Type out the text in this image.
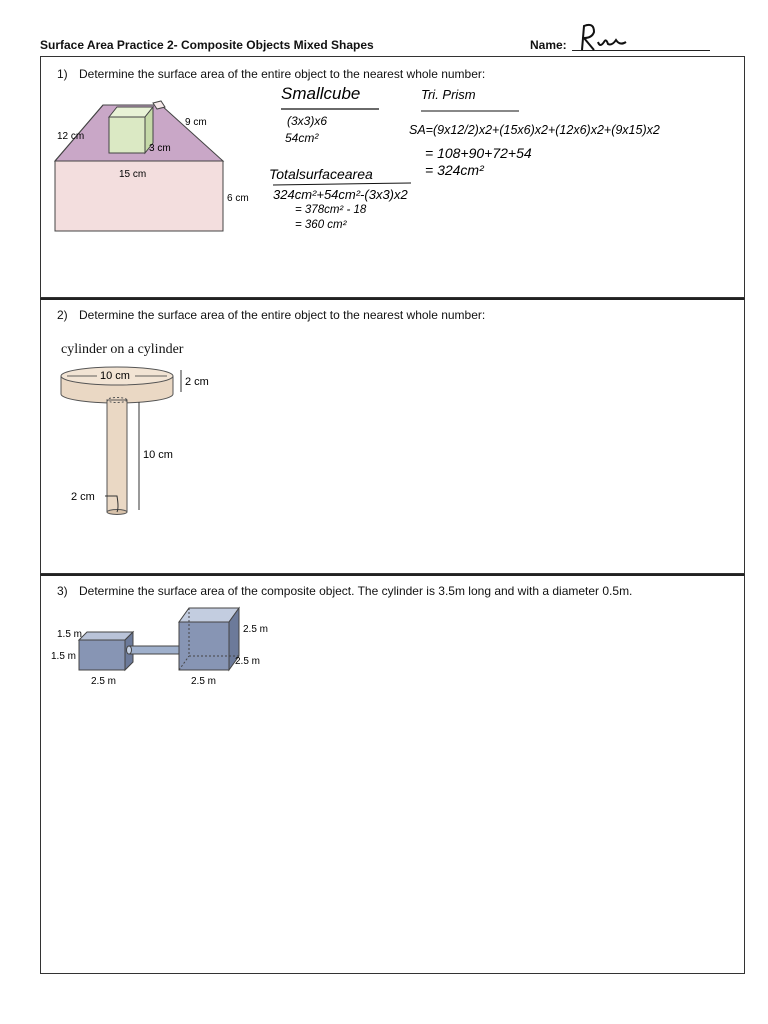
Surface Area Practice 2- Composite Objects Mixed Shapes	Name:
Ra
1) Determine the surface area of the entire object to the nearest whole number:
12 cm
9 cm
3 cm
15 cm
6 cm
Smallcube
(3x3)x6
54cm²
Tri. Prism
SA=(9x12/2)x2+(15x6)x2+(12x6)x2+(9x15)x2
= 108+90+72+54
= 324cm²
Totalsurfacearea
324cm²+54cm²-(3x3)x2
= 378cm² - 18
= 360 cm²
2) Determine the surface area of the entire object to the nearest whole number:
cylinder on a cylinder
10 cm	2 cm
10 cm
2 cm
3) Determine the surface area of the composite object. The cylinder is 3.5m long and with a diameter 0.5m.
1.5 m
1.5 m
2.5 m
2.5 m
2.5 m
2.5 m
